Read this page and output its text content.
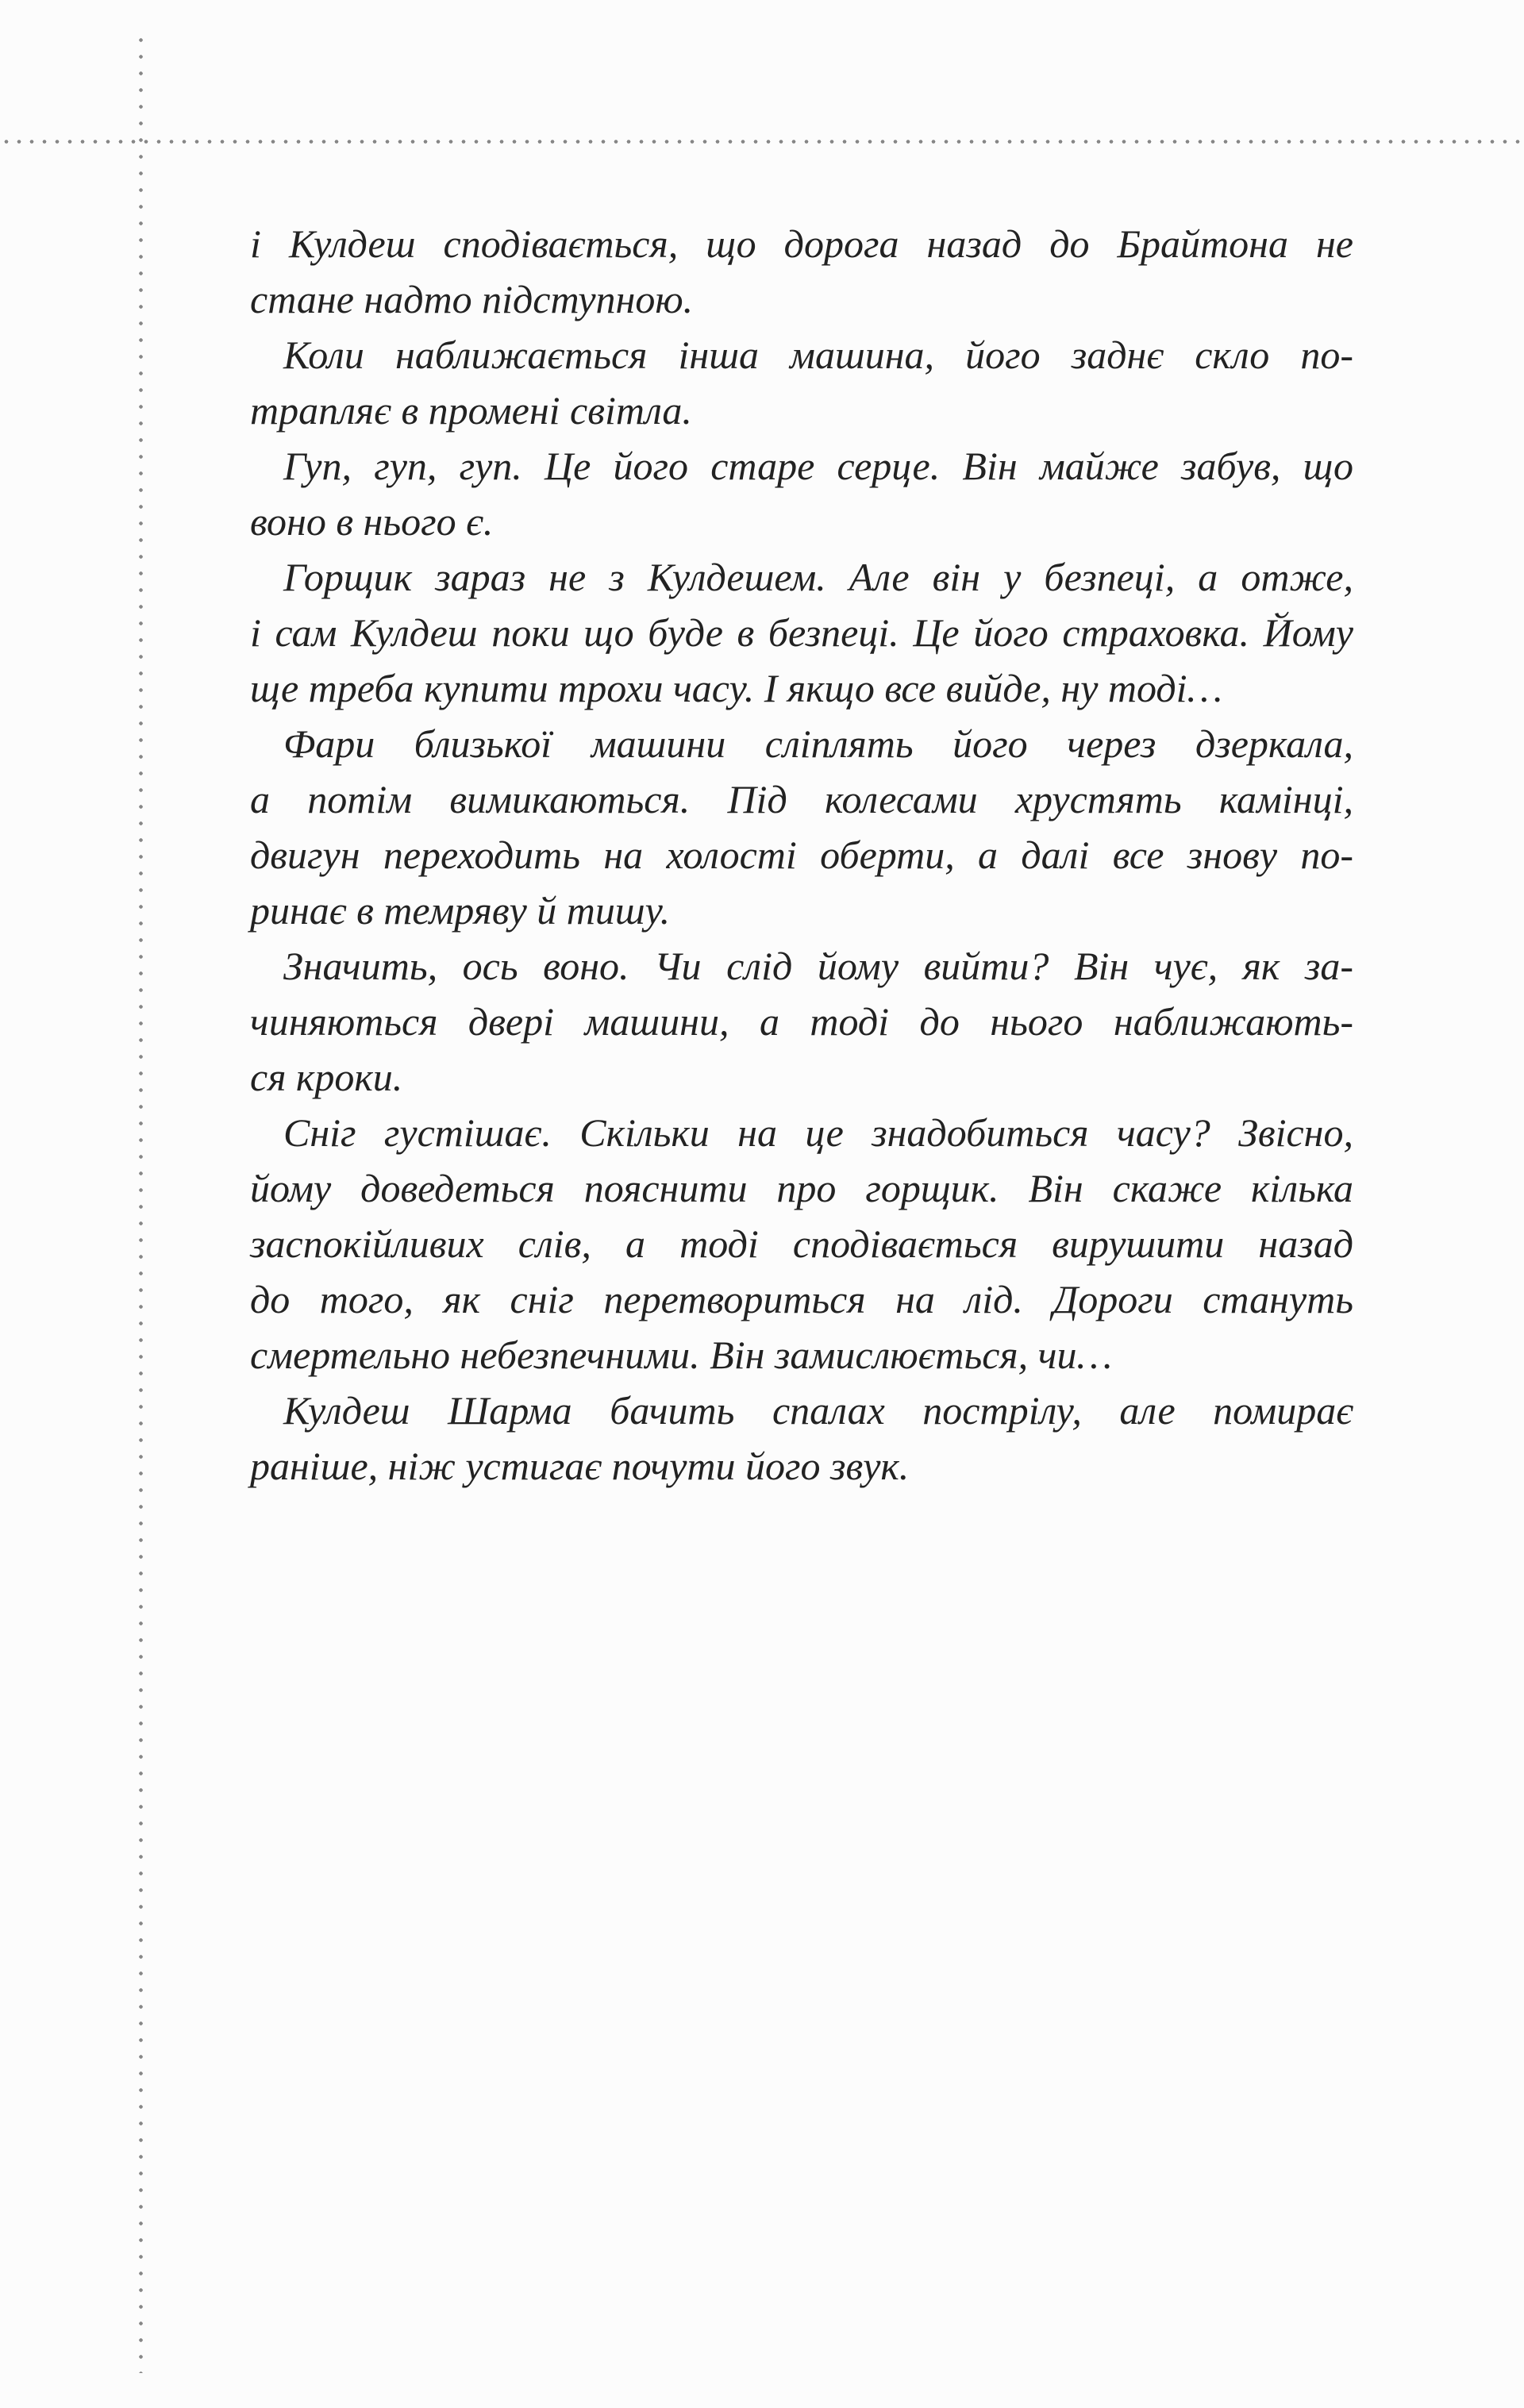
і Кулдеш сподівається, що дорога назад до Брайтона не
стане надто підступною.
Коли наближається інша машина, його заднє скло по-
трапляє в промені світла.
Гуп, гуп, гуп. Це його старе серце. Він майже забув, що
воно в нього є.
Горщик зараз не з Кулдешем. Але він у безпеці, а отже,
і сам Кулдеш поки що буде в безпеці. Це його страховка. Йому
ще треба купити трохи часу. І якщо все вийде, ну тоді…
Фари близької машини сліплять його через дзеркала,
а потім вимикаються. Під колесами хрустять камінці,
двигун переходить на холості оберти, а далі все знову по-
ринає в темряву й тишу.
Значить, ось воно. Чи слід йому вийти? Він чує, як за-
чиняються двері машини, а тоді до нього наближають-
ся кроки.
Сніг густішає. Скільки на це знадобиться часу? Звісно,
йому доведеться пояснити про горщик. Він скаже кілька
заспокійливих слів, а тоді сподівається вирушити назад
до того, як сніг перетвориться на лід. Дороги стануть
смертельно небезпечними. Він замислюється, чи…
Кулдеш Шарма бачить спалах пострілу, але помирає
раніше, ніж устигає почути його звук.
